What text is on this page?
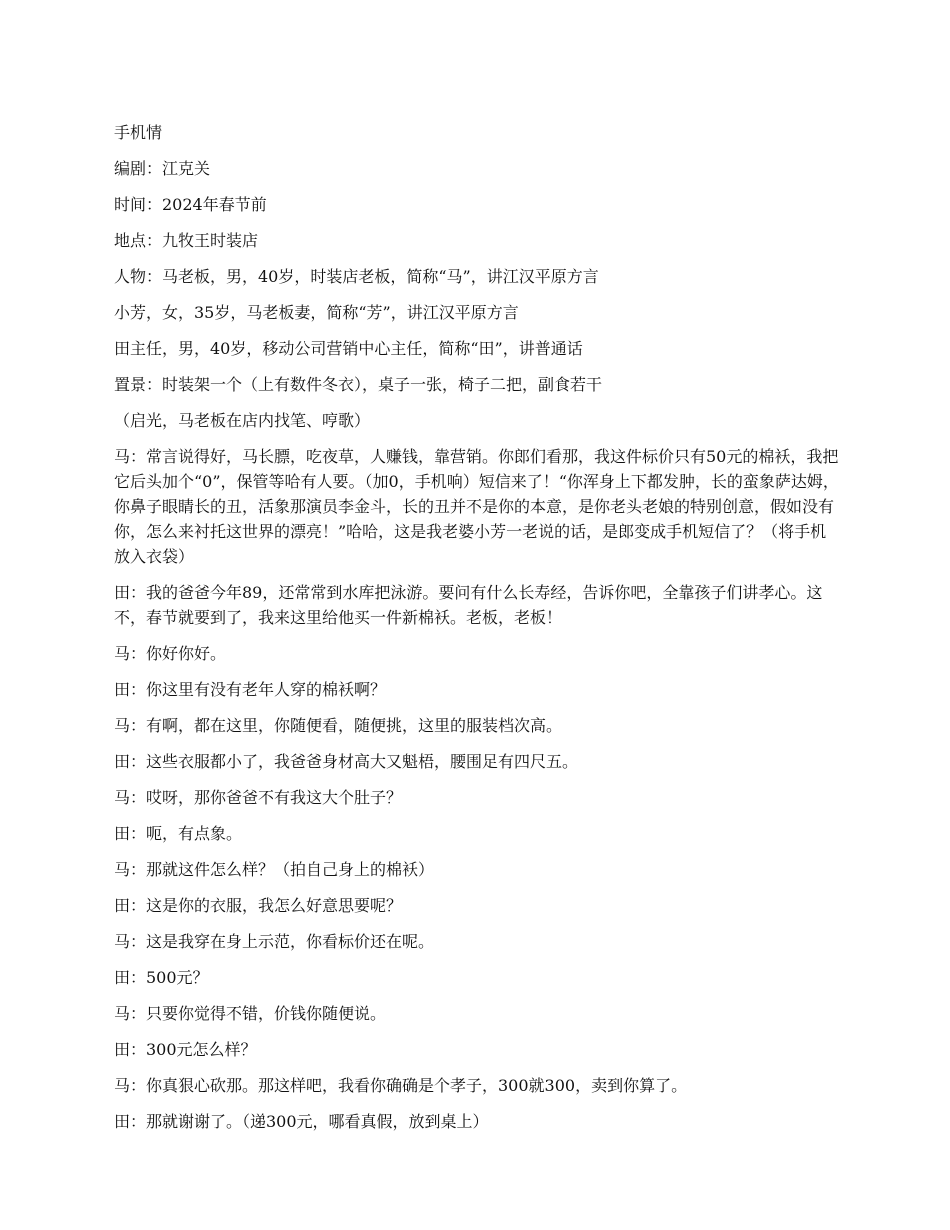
手机情

编剧：江克关

时间：2024年春节前

地点：九牧王时装店

人物：马老板，男，40岁，时装店老板，简称“马”，讲江汉平原方言

小芳，女，35岁，马老板妻，简称“芳”，讲江汉平原方言

田主任，男，40岁，移动公司营销中心主任，简称“田”，讲普通话

置景：时装架一个（上有数件冬衣），桌子一张，椅子二把，副食若干

（启光，马老板在店内找笔、哼歌）

马：常言说得好，马长膘，吃夜草，人赚钱，靠营销。你郎们看那，我这件标价只有50元的棉袄，我把它后头加个“0”，保管等哈有人要。（加0，手机响）短信来了！“你浑身上下都发肿，长的蛮象萨达姆，你鼻子眼睛长的丑，活象那演员李金斗，长的丑并不是你的本意，是你老头老娘的特别创意，假如没有你，怎么来衬托这世界的漂亮！”哈哈，这是我老婆小芳一老说的话，是郎变成手机短信了？（将手机放入衣袋）

田：我的爸爸今年89，还常常到水库把泳游。要问有什么长寿经，告诉你吧，全靠孩子们讲孝心。这不，春节就要到了，我来这里给他买一件新棉袄。老板，老板！

马：你好你好。

田：你这里有没有老年人穿的棉袄啊？

马：有啊，都在这里，你随便看，随便挑，这里的服装档次高。

田：这些衣服都小了，我爸爸身材高大又魁梧，腰围足有四尺五。

马：哎呀，那你爸爸不有我这大个肚子？

田：呃，有点象。

马：那就这件怎么样？（拍自己身上的棉袄）

田：这是你的衣服，我怎么好意思要呢？

马：这是我穿在身上示范，你看标价还在呢。

田：500元？

马：只要你觉得不错，价钱你随便说。

田：300元怎么样？

马：你真狠心砍那。那这样吧，我看你确确是个孝子，300就300，卖到你算了。

田：那就谢谢了。（递300元，哪看真假，放到桌上）
